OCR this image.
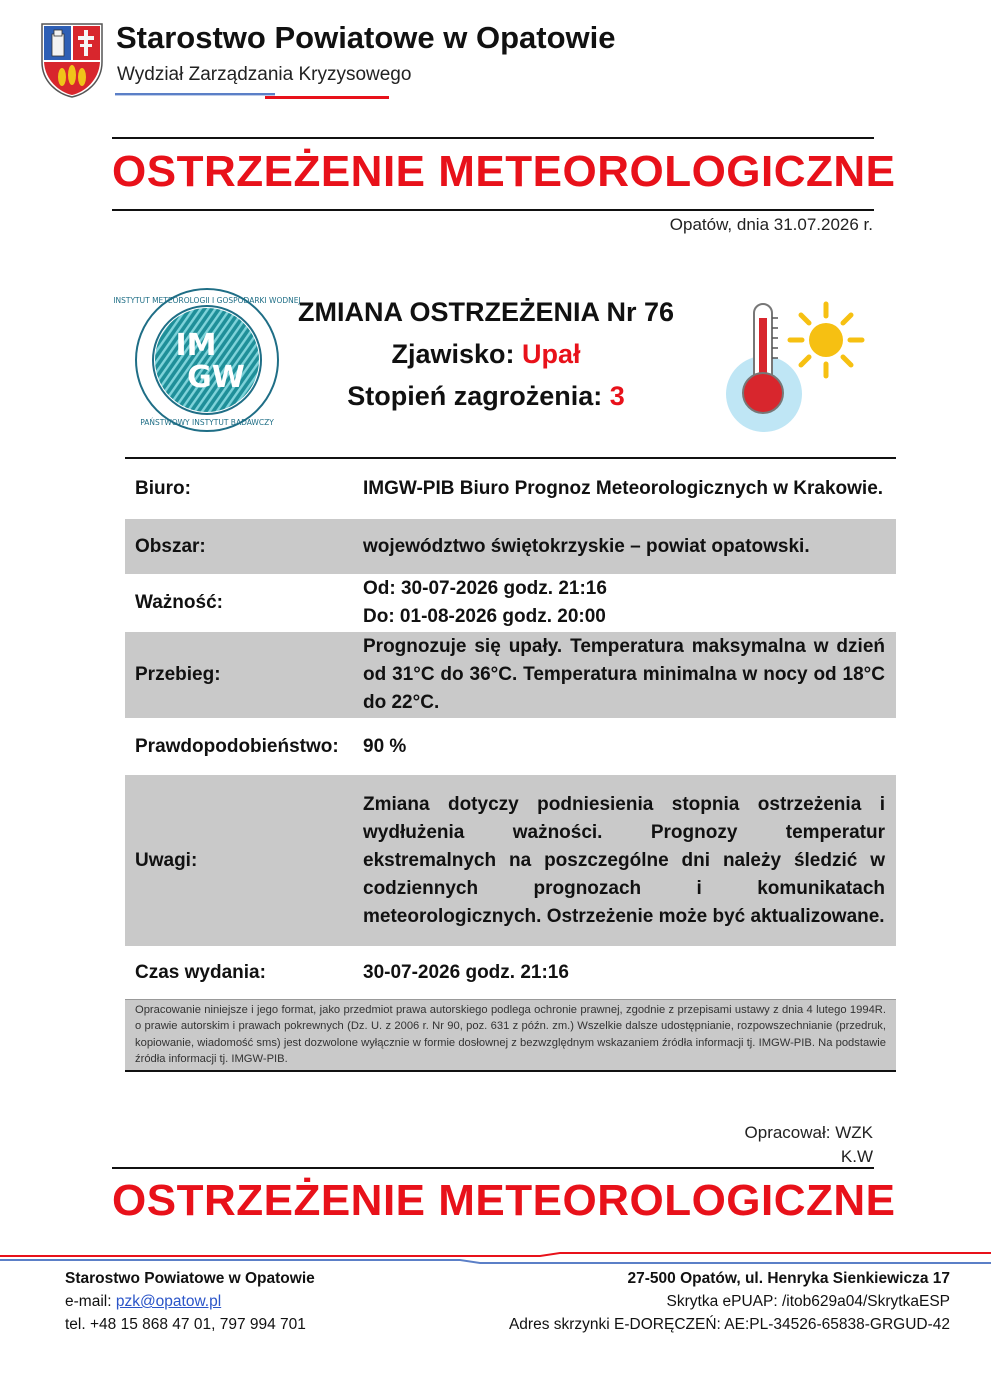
Starostwo Powiatowe w Opatowie
Wydział Zarządzania Kryzysowego
OSTRZEŻENIE METEOROLOGICZNE
Opatów, dnia 31.07.2026 r.
INSTYTUT METEOROLOGII I GOSPODARKI WODNEJ
PAŃSTWOWY INSTYTUT BADAWCZY
IM
GW
ZMIANA OSTRZEŻENIA Nr 76
Zjawisko: Upał
Stopień zagrożenia: 3
Biuro:	IMGW-PIB Biuro Prognoz Meteorologicznych w Krakowie.
Obszar:	województwo świętokrzyskie – powiat opatowski.
Ważność:
Od: 30-07-2026 godz. 21:16
Do: 01-08-2026 godz. 20:00
Przebieg:
Prognozuje się upały. Temperatura maksymalna w dzień od 31°C do 36°C. Temperatura minimalna w nocy od 18°C do 22°C.
Prawdopodobieństwo:	90 %
Uwagi:
Zmiana dotyczy podniesienia stopnia ostrzeżenia i wydłużenia ważności. Prognozy temperatur ekstremalnych na poszczególne dni należy śledzić w codziennych prognozach i komunikatach meteorologicznych. Ostrzeżenie może być aktualizowane.
Czas wydania:	30-07-2026 godz. 21:16
Opracowanie niniejsze i jego format, jako przedmiot prawa autorskiego podlega ochronie prawnej, zgodnie z przepisami ustawy z dnia 4 lutego 1994R. o prawie autorskim i prawach pokrewnych (Dz. U. z 2006 r. Nr 90, poz. 631 z późn. zm.) Wszelkie dalsze udostępnianie, rozpowszechnianie (przedruk, kopiowanie, wiadomość sms) jest dozwolone wyłącznie w formie dosłownej z bezwzględnym wskazaniem źródła informacji tj. IMGW-PIB. Na podstawie źródła informacji tj. IMGW-PIB.
Opracował: WZK
K.W
OSTRZEŻENIE METEOROLOGICZNE
Starostwo Powiatowe w Opatowie
e-mail: pzk@opatow.pl
tel. +48 15 868 47 01, 797 994 701
27-500 Opatów, ul. Henryka Sienkiewicza 17
Skrytka ePUAP: /itob629a04/SkrytkaESP
Adres skrzynki E-DORĘCZEŃ: AE:PL-34526-65838-GRGUD-42
